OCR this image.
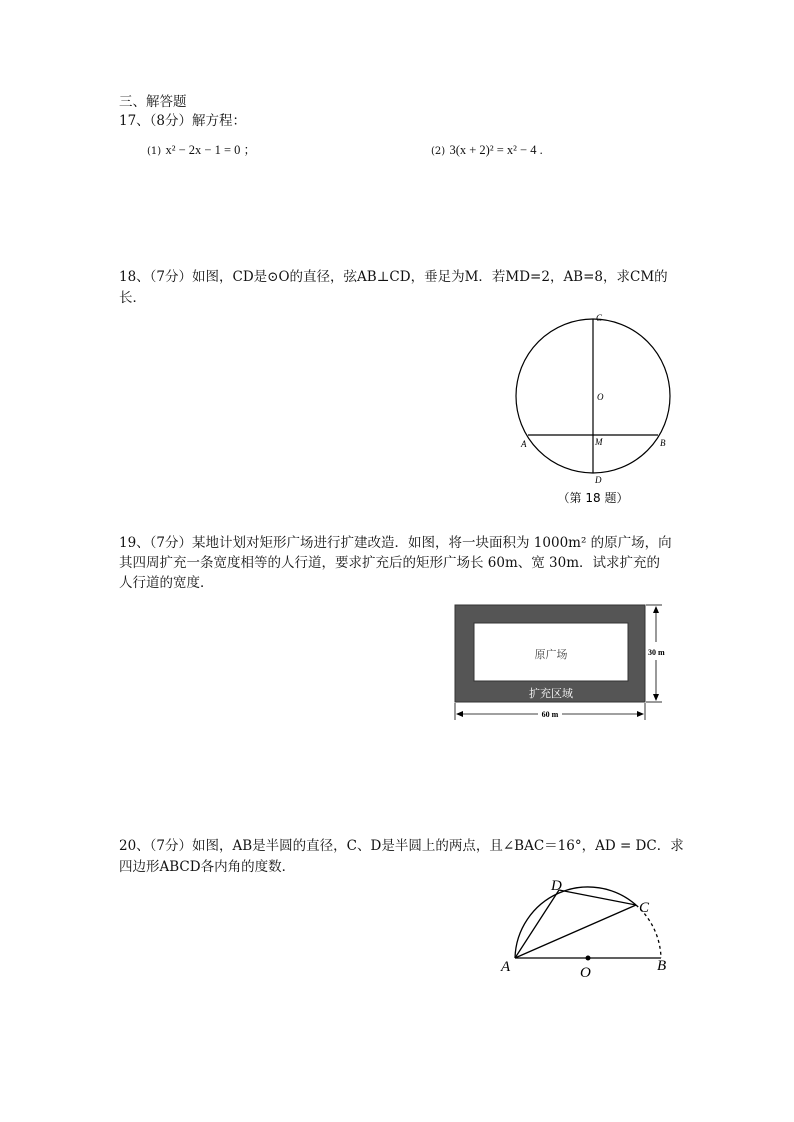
三、解答题
17、（8分）解方程：
(1) x² − 2x − 1 = 0 ；	(2) 3(x + 2)² = x² − 4 .
18、（7分）如图，CD是⊙O的直径，弦AB⊥CD，垂足为M．若MD=2，AB=8，求CM的
长．
C
O
A	M	B
D
（第 18 题）
19、（7分）某地计划对矩形广场进行扩建改造．如图，将一块面积为 1000m² 的原广场，向
其四周扩充一条宽度相等的人行道，要求扩充后的矩形广场长 60m、宽 30m．试求扩充的
人行道的宽度．
原广场
扩充区域
30 m
60 m
20、（7分）如图，AB是半圆的直径，C、D是半圆上的两点，且∠BAC＝16°，AD = DC．求
四边形ABCD各内角的度数．
D
C
A	O	B
